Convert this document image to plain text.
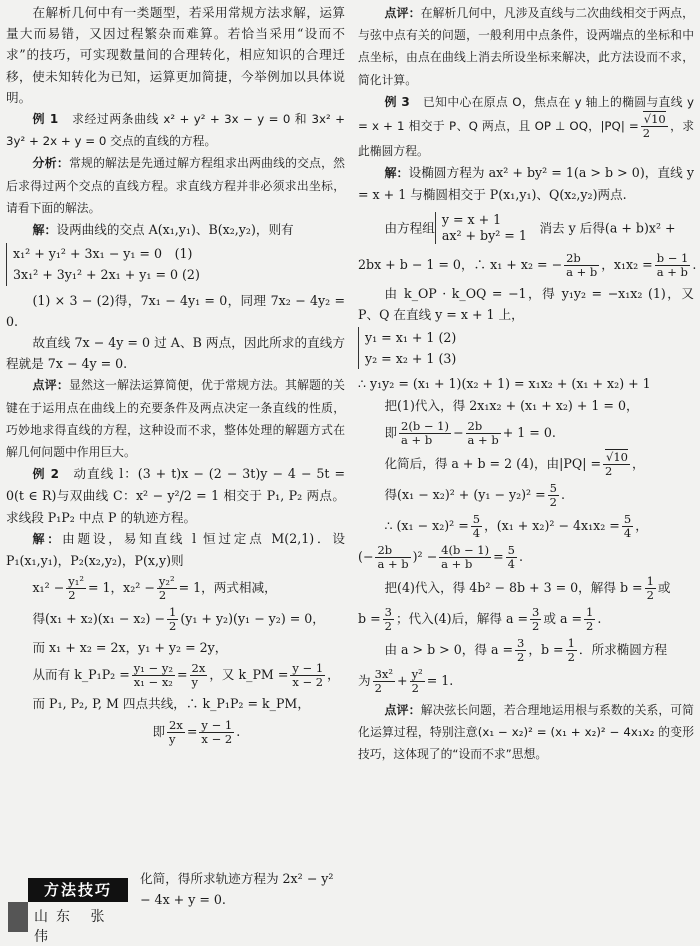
在解析几何中有一类题型，若采用常规方法求解，运算量大而易错，又因过程繁杂而难算。若恰当采用“设而不求”的技巧，可实现数量间的合理转化，相应知识的合理迁移，使未知转化为已知，运算更加简捷，今举例加以具体说明。

例 1　 求经过两条曲线 x² + y² + 3x − y = 0 和 3x² + 3y² + 2x + y = 0 交点的直线的方程。

分析：常规的解法是先通过解方程组求出两曲线的交点，然后求得过两个交点的直线方程。求直线方程并非必须求出坐标，请看下面的解法。

解：设两曲线的交点 A(x₁,y₁)、B(x₂,y₂)，则有

x₁² + y₁² + 3x₁ − y₁ = 0　(1)
3x₁² + 3y₁² + 2x₁ + y₁ = 0 (2)

(1) × 3 − (2)得，7x₁ − 4y₁ = 0，同理 7x₂ − 4y₂ = 0.

故直线 7x − 4y = 0 过 A、B 两点，因此所求的直线方程就是 7x − 4y = 0.

点评：显然这一解法运算简便，优于常规方法。其解题的关键在于运用点在曲线上的充要条件及两点决定一条直线的性质，巧妙地求得直线的方程，这种设而不求，整体处理的解题方式在解几何问题中作用巨大。

例 2　 动直线 l：(3 + t)x − (2 − 3t)y − 4 − 5t = 0(t ∈ R)与双曲线 C：x² − y²/2 = 1 相交于 P₁, P₂ 两点。求线段 P₁P₂ 中点 P 的轨迹方程。

解：由题设，易知直线 l 恒过定点 M(2,1)．设 P₁(x₁,y₁)，P₂(x₂,y₂)，P(x,y)则

$x_1^2 - \frac{\text{y₁²}}{2} = 1$，$x_2^2 - \frac{\text{y₂²}}{2} = 1$，两式相减，

得$(x_1 + x_2)(x_1 - x_2) - \frac{1}{2} (y_1 + y_2)(y_1 - y_2) = 0$，

而 x₁ + x₂ = 2x，y₁ + y₂ = 2y，

从而有 k_P₁P₂ = $\frac{\text{y₁ − y₂}}{\text{x₁ − x₂}} = \frac{2x}{y}$ ，又 k_PM = $\frac{y - 1}{x - 2}$ ，

而 P₁, P₂, P, M 四点共线，∴ k_P₁P₂ = k_PM，

即 $\frac{2x}{y} = \frac{y - 1}{x - 2}$ .

化简，得所求轨迹方程为 2x² − y² − 4x + y = 0.

方法技巧
山东 张 伟

点评：在解析几何中，凡涉及直线与二次曲线相交于两点，与弦中点有关的问题，一般利用中点条件，设两端点的坐标和中点坐标，由点在曲线上消去所设坐标来解决，此方法设而不求，简化计算。

例 3　 已知中心在原点 O，焦点在 y 轴上的椭圆与直线 y = x + 1 相交于 P、Q 两点，且 OP ⊥ OQ，$|PQ| = \frac{√10}{2}$ ，求此椭圆方程。

解：设椭圆方程为 ax² + by² = 1(a > b > 0)，直线 y = x + 1 与椭圆相交于 P(x₁,y₁)、Q(x₂,y₂)两点.

由方程组
y = x + 1
ax² + by² = 1
　 消去 y 后得(a + b)x² +

2bx + b − 1 = 0，∴ x₁ + x₂ = − $\frac{2b}{a + b}$ ，$x_1x_2 = \frac{b - 1}{a + b}$ .

由 k_OP · k_OQ = −1，得 y₁y₂ = −x₁x₂ (1)，又 P、Q 在直线 y = x + 1 上，

y₁ = x₁ + 1 (2)
y₂ = x₂ + 1 (3)

∴ y₁y₂ = (x₁ + 1)(x₂ + 1) = x₁x₂ + (x₁ + x₂) + 1

把(1)代入，得 2x₁x₂ + (x₁ + x₂) + 1 = 0，

即 $\frac{2(b - 1)}{a + b} - \frac{2b}{a + b} + 1 = 0$.

化简后，得 a + b = 2 (4)，由$|PQ| = \frac{√10}{2}$ ，

得$(x_1 - x_2)^2 + (y_1 - y_2)^2 = \frac{5}{2}$ .

∴ $(x_1 - x_2)^2 = \frac{5}{4}$ ，$(x_1 + x_2)^2 - 4x_1x_2 = \frac{5}{4}$ ，

(− $\frac{2b}{a + b} )^2 - \frac{4(b - 1)}{a + b} = \frac{5}{4}$ .

把(4)代入，得 4b² − 8b + 3 = 0，解得 $b = \frac{1}{2}$ 或

$b = \frac{3}{2}$ ；代入(4)后，解得 $a = \frac{3}{2}$ 或 $a = \frac{1}{2}$ .

由 a > b > 0，得 $a = \frac{3}{2}$ ，$b = \frac{1}{2}$ ．所求椭圆方程

为 $\frac{\text{3x²}}{2} + \frac{\text{y²}}{2} = 1$.

点评：解决弦长问题，若合理地运用根与系数的关系，可简化运算过程，特别注意(x₁ − x₂)² = (x₁ + x₂)² − 4x₁x₂ 的变形技巧，这体现了的“设而不求”思想。
